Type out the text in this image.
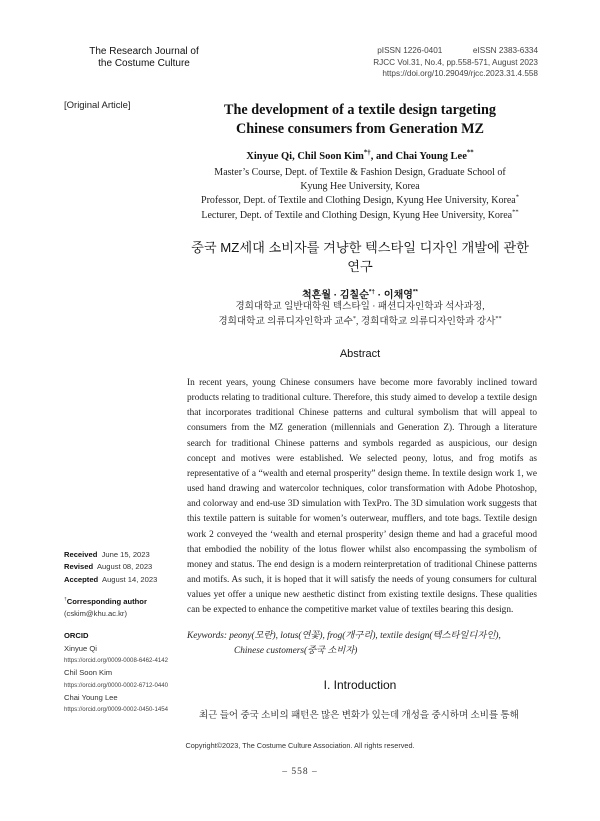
The Research Journal of
the Costume Culture
pISSN 1226-0401	eISSN 2383-6334
RJCC Vol.31, No.4, pp.558-571, August 2023
https://doi.org/10.29049/rjcc.2023.31.4.558
[Original Article]	The development of a textile design targeting
Chinese consumers from Generation MZ
Xinyue Qi, Chil Soon Kim*†, and Chai Young Lee**
Master’s Course, Dept. of Textile & Fashion Design, Graduate School of
Kyung Hee University, Korea
Professor, Dept. of Textile and Clothing Design, Kyung Hee University, Korea*
Lecturer, Dept. of Textile and Clothing Design, Kyung Hee University, Korea**
중국 MZ세대 소비자를 겨냥한 텍스타일 디자인 개발에 관한
연구
척흔월 · 김칠순*† · 이채영**
경희대학교 일반대학원 텍스타일 · 패션디자인학과 석사과정,
경희대학교 의류디자인학과 교수*, 경희대학교 의류디자인학과 강사**
Abstract
In recent years, young Chinese consumers have become more favorably inclined toward products relating to traditional culture. Therefore, this study aimed to develop a textile design that incorporates traditional Chinese patterns and cultural symbolism that will appeal to consumers from the MZ generation (millennials and Generation Z). Through a literature search for traditional Chinese patterns and symbols regarded as auspicious, our design concept and motives were established. We selected peony, lotus, and frog motifs as representative of a “wealth and eternal prosperity” design theme. In textile design work 1, we used hand drawing and watercolor techniques, color transformation with Adobe Photoshop, and colorway and end-use 3D simulation with TexPro. The 3D simulation work suggests that this textile pattern is suitable for women’s outerwear, mufflers, and tote bags. Textile design work 2 conveyed the ‘wealth and eternal prosperity’ design theme and had a graceful mood that embodied the nobility of the lotus flower whilst also encompassing the symbolism of money and status. The end design is a modern reinterpretation of traditional Chinese patterns and motifs. As such, it is hoped that it will satisfy the needs of young consumers for cultural values yet offer a unique new aesthetic distinct from existing textile designs. These qualities can be expected to enhance the competitive market value of textiles bearing this design.
Keywords: peony(모란), lotus(연꽃), frog(개구리), textile design(텍스타일디자인),
Chinese customers(중국 소비자)
Received June 15, 2023
Revised August 08, 2023
Accepted August 14, 2023
†Corresponding author
(cskim@khu.ac.kr)
ORCID
Xinyue Qi
https://orcid.org/0009-0008-6462-4142
Chil Soon Kim
https://orcid.org/0000-0002-6712-0440
Chai Young Lee
https://orcid.org/0009-0002-0450-1454
I. Introduction
최근 들어 중국 소비의 패턴은 많은 변화가 있는데 개성을 중시하며 소비를 통해
Copyright©2023, The Costume Culture Association. All rights reserved.
– 558 –
